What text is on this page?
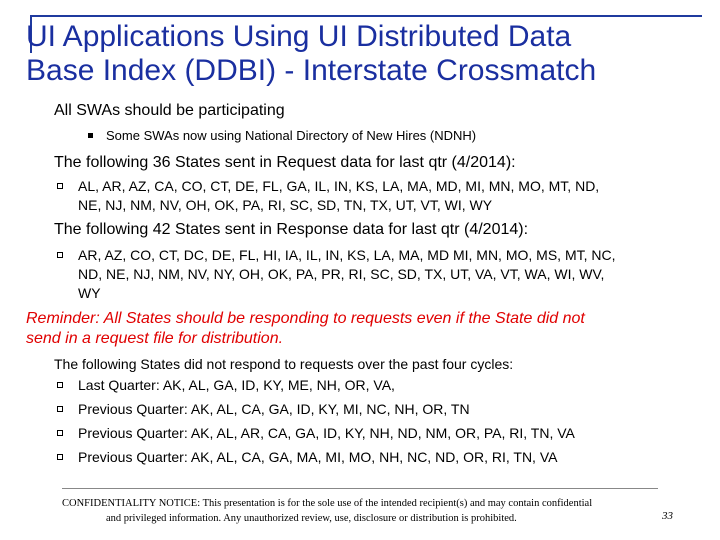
UI Applications Using UI Distributed Data
Base Index (DDBI) - Interstate Crossmatch
All SWAs should be participating
Some SWAs now using National Directory of New Hires (NDNH)
The following 36 States sent in Request data for last qtr (4/2014):
AL, AR, AZ, CA, CO, CT, DE, FL, GA, IL, IN, KS, LA, MA, MD, MI, MN, MO, MT, ND,
NE, NJ, NM, NV, OH, OK, PA, RI, SC, SD, TN, TX, UT, VT, WI, WY
The following 42 States sent in Response data for last qtr (4/2014):
AR, AZ, CO, CT, DC, DE, FL, HI, IA, IL, IN, KS, LA, MA, MD MI, MN, MO, MS, MT, NC,
ND, NE, NJ, NM, NV, NY, OH, OK, PA, PR, RI, SC, SD, TX, UT, VA, VT, WA, WI, WV,
WY
Reminder: All States should be responding to requests even if the State did not
send in a request file for distribution.
The following States did not respond to requests over the past four cycles:
Last Quarter: AK, AL, GA, ID, KY, ME, NH, OR, VA,
Previous Quarter: AK, AL, CA, GA, ID, KY, MI, NC, NH, OR, TN
Previous Quarter: AK, AL, AR, CA, GA, ID, KY, NH, ND, NM, OR, PA, RI, TN, VA
Previous Quarter: AK, AL, CA, GA, MA, MI, MO, NH, NC, ND, OR, RI, TN, VA
CONFIDENTIALITY NOTICE: This presentation is for the sole use of the intended recipient(s) and may contain confidential
and privileged information. Any unauthorized review, use, disclosure or distribution is prohibited.	33
